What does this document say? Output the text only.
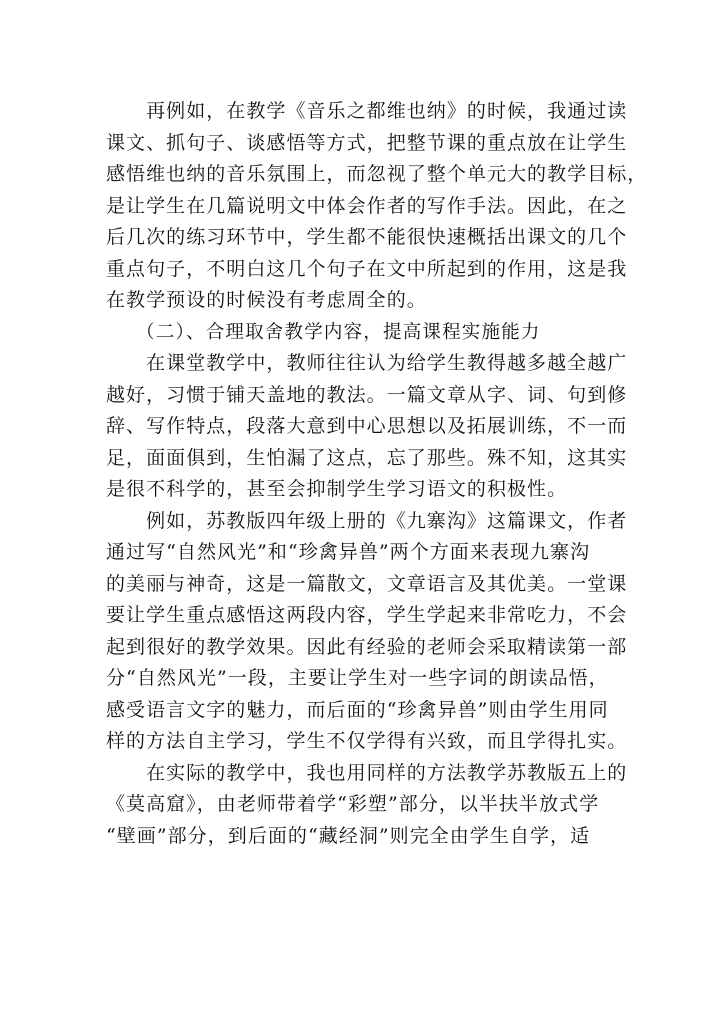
　　再例如，在教学《音乐之都维也纳》的时候，我通过读
课文、抓句子、谈感悟等方式，把整节课的重点放在让学生
感悟维也纳的音乐氛围上，而忽视了整个单元大的教学目标，
是让学生在几篇说明文中体会作者的写作手法。因此，在之
后几次的练习环节中，学生都不能很快速概括出课文的几个
重点句子，不明白这几个句子在文中所起到的作用，这是我
在教学预设的时候没有考虑周全的。
　　（二）、合理取舍教学内容，提高课程实施能力
　　在课堂教学中，教师往往认为给学生教得越多越全越广
越好，习惯于铺天盖地的教法。一篇文章从字、词、句到修
辞、写作特点，段落大意到中心思想以及拓展训练，不一而
足，面面俱到，生怕漏了这点，忘了那些。殊不知，这其实
是很不科学的，甚至会抑制学生学习语文的积极性。
　　例如，苏教版四年级上册的《九寨沟》这篇课文，作者
通过写“自然风光”和“珍禽异兽”两个方面来表现九寨沟
的美丽与神奇，这是一篇散文，文章语言及其优美。一堂课
要让学生重点感悟这两段内容，学生学起来非常吃力，不会
起到很好的教学效果。因此有经验的老师会采取精读第一部
分“自然风光”一段，主要让学生对一些字词的朗读品悟，
感受语言文字的魅力，而后面的“珍禽异兽”则由学生用同
样的方法自主学习，学生不仅学得有兴致，而且学得扎实。
　　在实际的教学中，我也用同样的方法教学苏教版五上的
《莫高窟》，由老师带着学“彩塑”部分，以半扶半放式学
“壁画”部分，到后面的“藏经洞”则完全由学生自学，适
